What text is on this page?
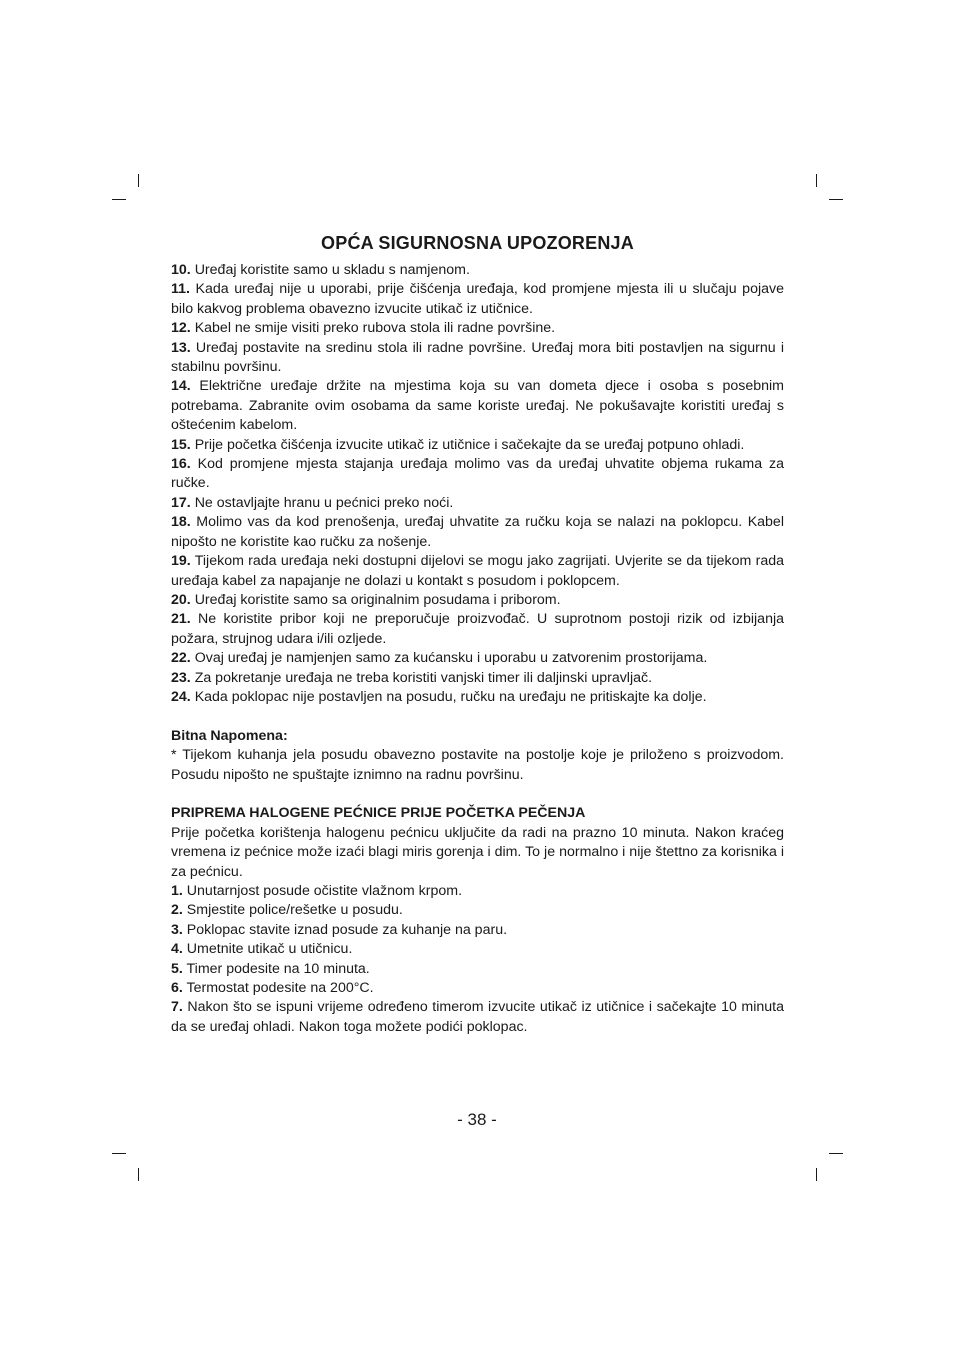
OPĆA SIGURNOSNA UPOZORENJA

10. Uređaj koristite samo u skladu s namjenom.

11. Kada uređaj nije u uporabi, prije čišćenja uređaja, kod promjene mjesta ili u slučaju pojave bilo kakvog problema obavezno izvucite utikač iz utičnice.

12. Kabel ne smije visiti preko rubova stola ili radne površine.

13. Uređaj postavite na sredinu stola ili radne površine. Uređaj mora biti postavljen na sigurnu i stabilnu površinu.

14. Električne uređaje držite na mjestima koja su van dometa djece i osoba s posebnim potrebama. Zabranite ovim osobama da same koriste uređaj. Ne pokušavajte koristiti uređaj s oštećenim kabelom.

15. Prije početka čišćenja izvucite utikač iz utičnice i sačekajte da se uređaj potpuno ohladi.

16. Kod promjene mjesta stajanja uređaja molimo vas da uređaj uhvatite objema rukama za ručke.

17. Ne ostavljajte hranu u pećnici preko noći.

18. Molimo vas da kod prenošenja, uređaj uhvatite za ručku koja se nalazi na poklopcu. Kabel nipošto ne koristite kao ručku za nošenje.

19. Tijekom rada uređaja neki dostupni dijelovi se mogu jako zagrijati. Uvjerite se da tijekom rada uređaja kabel za napajanje ne dolazi u kontakt s posudom i poklopcem.

20. Uređaj koristite samo sa originalnim posudama i priborom.

21. Ne koristite pribor koji ne preporučuje proizvođač. U suprotnom postoji rizik od izbijanja požara, strujnog udara i/ili ozljede.

22. Ovaj uređaj je namjenjen samo za kućansku i uporabu u zatvorenim prostorijama.

23. Za pokretanje uređaja ne treba koristiti vanjski timer ili daljinski upravljač.

24. Kada poklopac nije postavljen na posudu, ručku na uređaju ne pritiskajte ka dolje.

Bitna Napomena:

* Tijekom kuhanja jela posudu obavezno postavite na postolje koje je priloženo s proizvodom. Posudu nipošto ne spuštajte iznimno na radnu površinu.

PRIPREMA HALOGENE PEĆNICE PRIJE POČETKA PEČENJA

Prije početka korištenja halogenu pećnicu uključite da radi na prazno 10 minuta. Nakon kraćeg vremena iz pećnice može izaći blagi miris gorenja i dim. To je normalno i nije štettno za korisnika i za pećnicu.

1. Unutarnjost posude očistite vlažnom krpom.

2. Smjestite police/rešetke u posudu.

3. Poklopac stavite iznad posude za kuhanje na paru.

4. Umetnite utikač u utičnicu.

5. Timer podesite na 10 minuta.

6. Termostat podesite na 200°C.

7. Nakon što se ispuni vrijeme određeno timerom izvucite utikač iz utičnice i sačekajte 10 minuta da se uređaj ohladi. Nakon toga možete podići poklopac.

- 38 -
